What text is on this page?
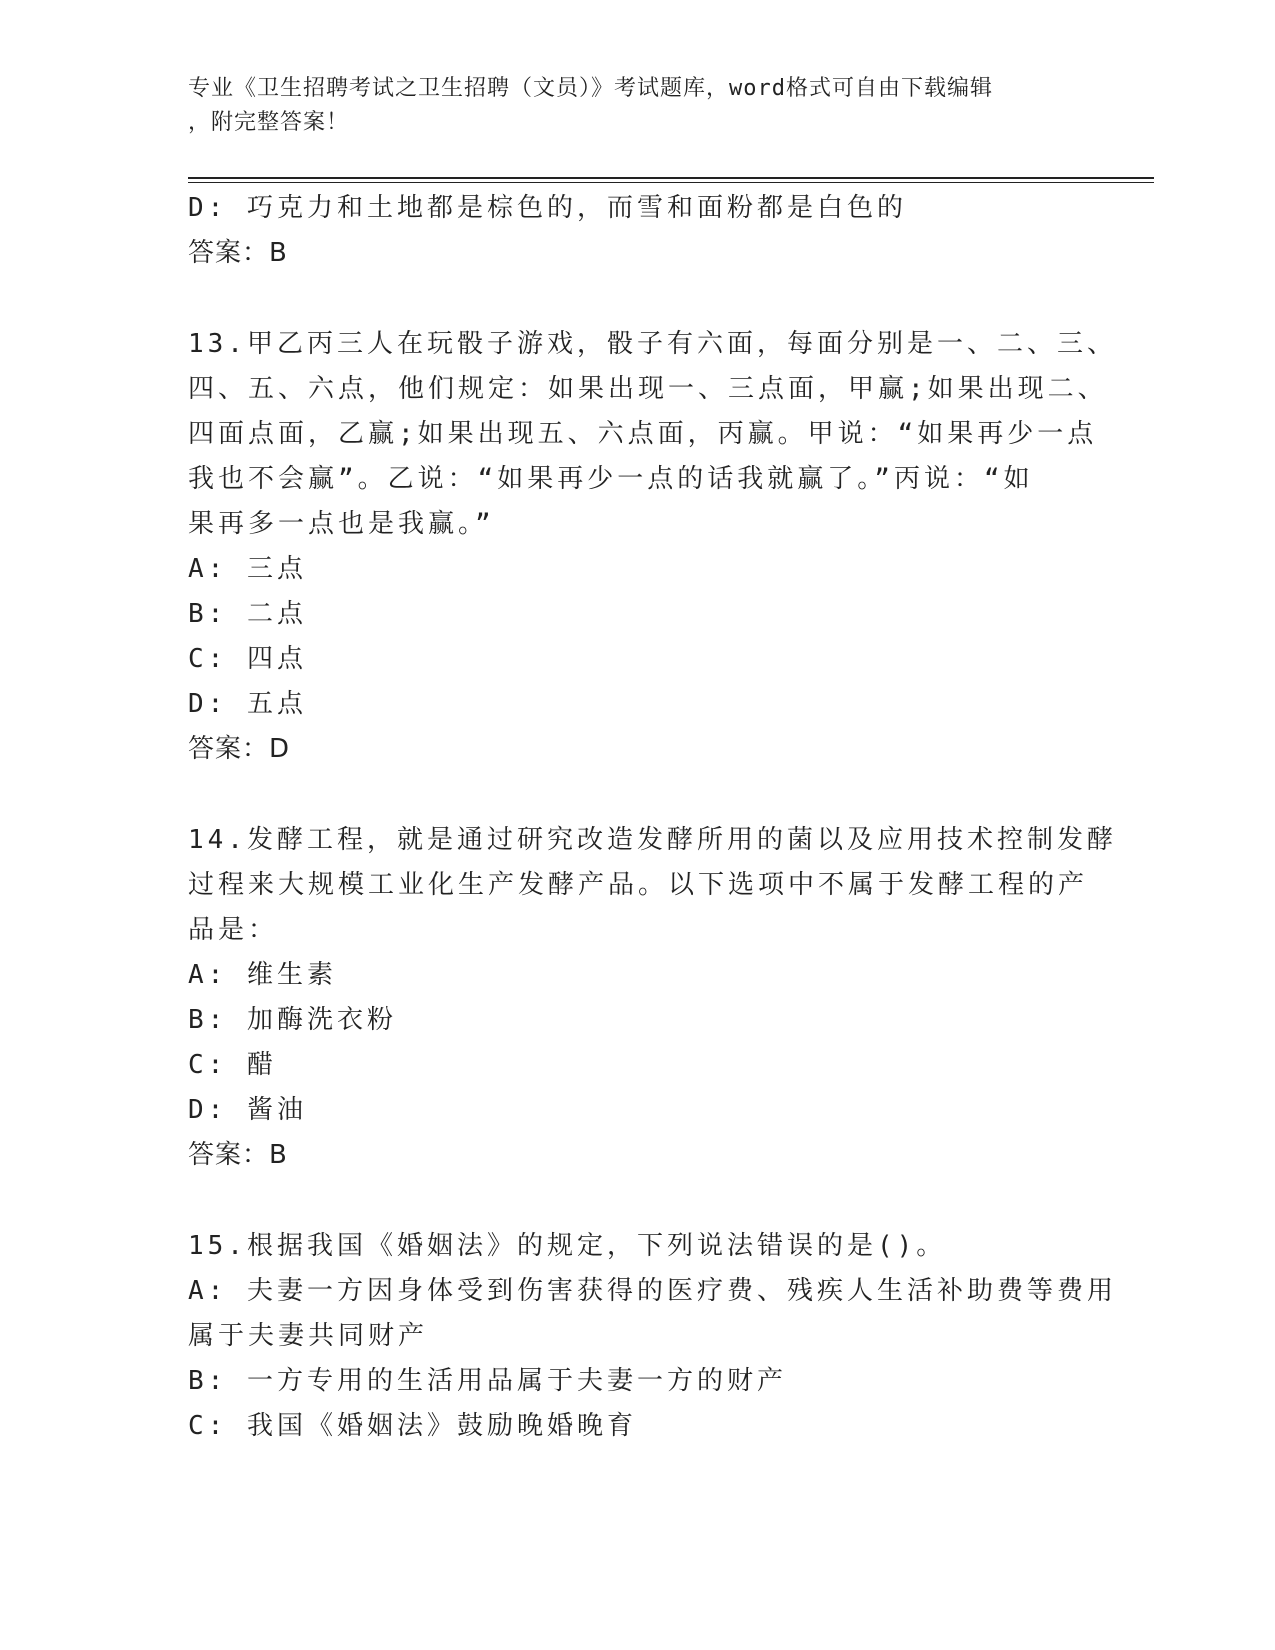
专业《卫生招聘考试之卫生招聘（文员）》考试题库，word格式可自由下载编辑
，附完整答案！
D: 巧克力和土地都是棕色的，而雪和面粉都是白色的
答案：B
13.甲乙丙三人在玩骰子游戏，骰子有六面，每面分别是一、二、三、
四、五、六点，他们规定：如果出现一、三点面，甲赢;如果出现二、
四面点面，乙赢;如果出现五、六点面，丙赢。甲说：“如果再少一点
我也不会赢”。乙说：“如果再少一点的话我就赢了。”丙说：“如
果再多一点也是我赢。”
A: 三点
B: 二点
C: 四点
D: 五点
答案：D
14.发酵工程，就是通过研究改造发酵所用的菌以及应用技术控制发酵
过程来大规模工业化生产发酵产品。以下选项中不属于发酵工程的产
品是：
A: 维生素
B: 加酶洗衣粉
C: 醋
D: 酱油
答案：B
15.根据我国《婚姻法》的规定，下列说法错误的是()。
A: 夫妻一方因身体受到伤害获得的医疗费、残疾人生活补助费等费用
属于夫妻共同财产
B: 一方专用的生活用品属于夫妻一方的财产
C: 我国《婚姻法》鼓励晚婚晚育
